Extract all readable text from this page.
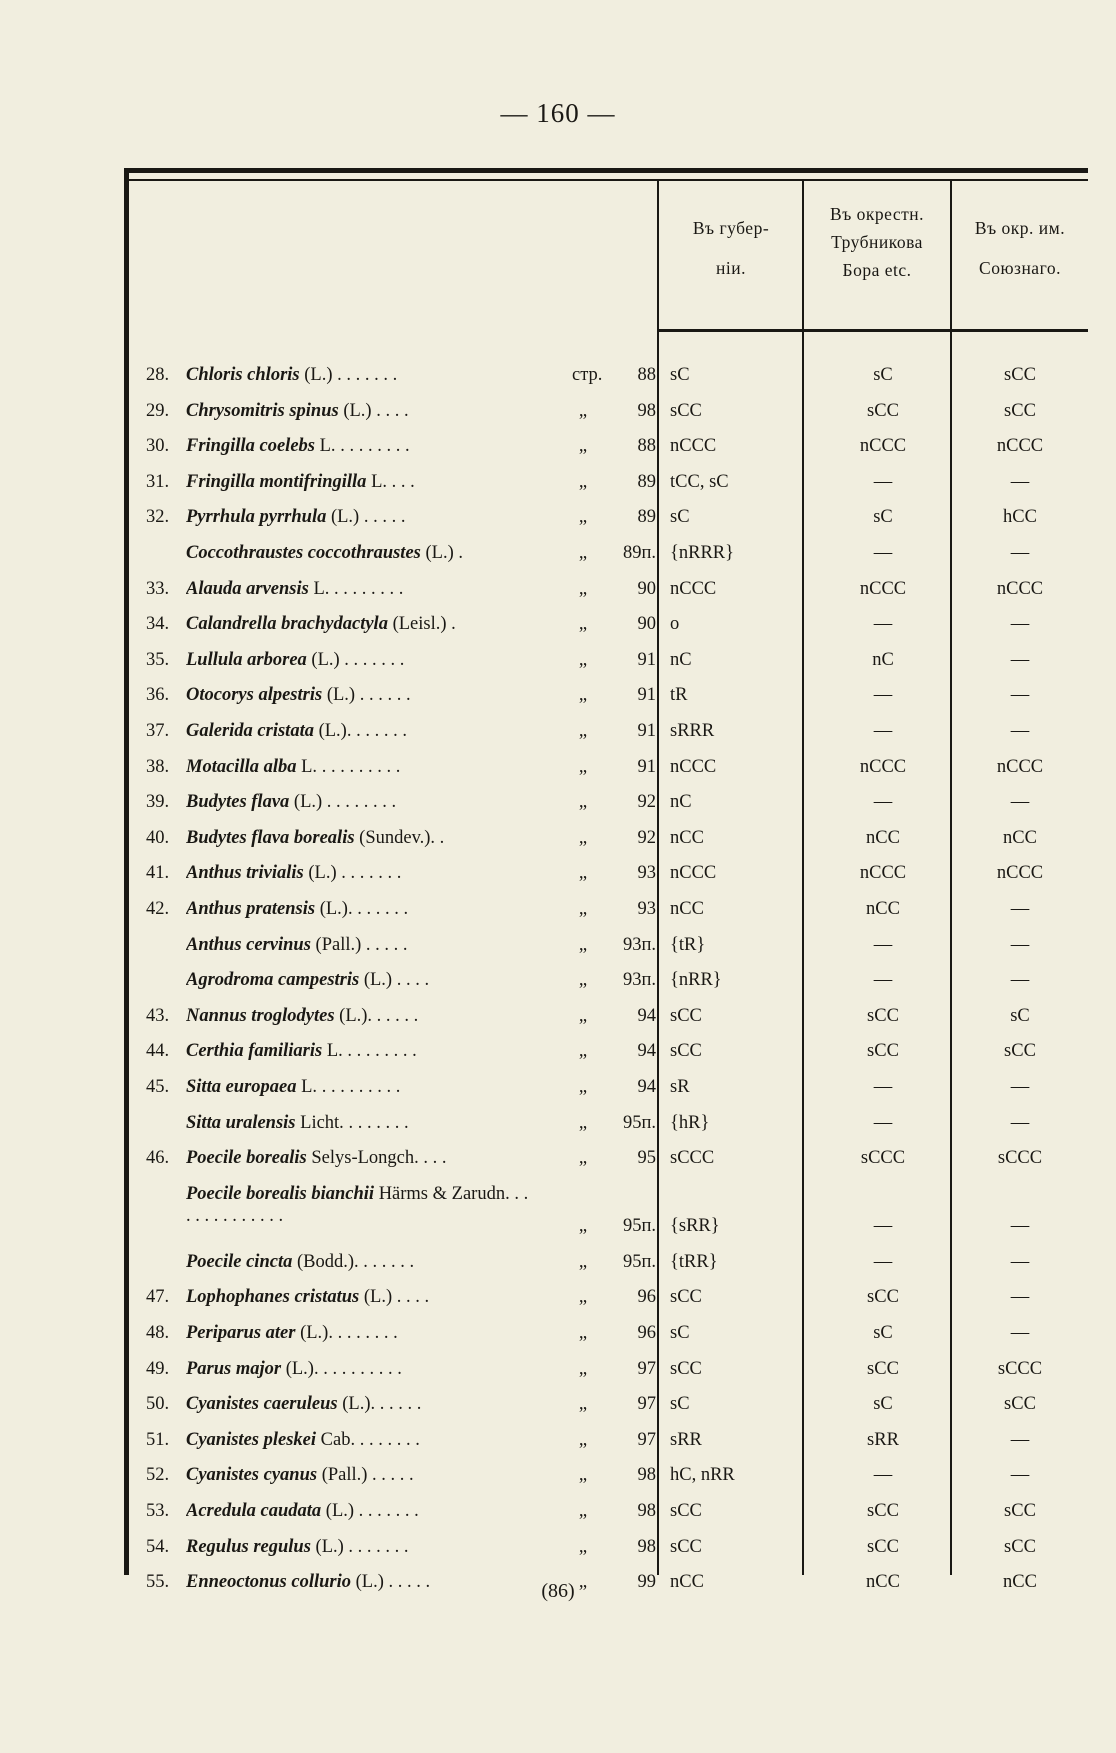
— 160 —
Въ губер-
ніи.
Въ окрестн.
Трубникова
Бора etc.
Въ окр. им.
Союзнаго.
28. Chloris chloris (L.) . . . . . . .	стр.	88 sC	sC	sCC
29. Chrysomitris spinus (L.) . . . .	„	98 sCC	sCC	sCC
30. Fringilla coelebs L. . . . . . . . .	„	88 nCCC	nCCC	nCCC
31. Fringilla montifringilla L. . . .	„	89 tCC, sC	—	—
32. Pyrrhula pyrrhula (L.) . . . . .	„	89 sC	sC	hCC
Coccothraustes coccothraustes (L.) .	„	89п. {nRRR}	—	—
33. Alauda arvensis L. . . . . . . . .	„	90 nCCC	nCCC	nCCC
34. Calandrella brachydactyla (Leisl.) .	„	90 o	—	—
35. Lullula arborea (L.) . . . . . . .	„	91 nC	nC	—
36. Otocorys alpestris (L.) . . . . . .	„	91 tR	—	—
37. Galerida cristata (L.). . . . . . .	„	91 sRRR	—	—
38. Motacilla alba L. . . . . . . . . .	„	91 nCCC	nCCC	nCCC
39. Budytes flava (L.) . . . . . . . .	„	92 nC	—	—
40. Budytes flava borealis (Sundev.). .	„	92 nCC	nCC	nCC
41. Anthus trivialis (L.) . . . . . . .	„	93 nCCC	nCCC	nCCC
42. Anthus pratensis (L.). . . . . . .	„	93 nCC	nCC	—
Anthus cervinus (Pall.) . . . . .	„	93п. {tR}	—	—
Agrodroma campestris (L.) . . . .	„	93п. {nRR}	—	—
43. Nannus troglodytes (L.). . . . . .	„	94 sCC	sCC	sC
44. Certhia familiaris L. . . . . . . . .	„	94 sCC	sCC	sCC
45. Sitta europaea L. . . . . . . . . .	„	94 sR	—	—
Sitta uralensis Licht. . . . . . . .	„	95п. {hR}	—	—
46. Poecile borealis Selys-Longch. . . .	„	95 sCCC	sCCC	sCCC
Poecile borealis bianchii Härms & Zarudn. . . . . . . . . . . . . .	„	95п. {sRR}	—	—
Poecile cincta (Bodd.). . . . . . .	„	95п. {tRR}	—	—
47. Lophophanes cristatus (L.) . . . .	„	96 sCC	sCC	—
48. Periparus ater (L.). . . . . . . .	„	96 sC	sC	—
49. Parus major (L.). . . . . . . . . .	„	97 sCC	sCC	sCCC
50. Cyanistes caeruleus (L.). . . . . .	„	97 sC	sC	sCC
51. Cyanistes pleskei Cab. . . . . . . .	„	97 sRR	sRR	—
52. Cyanistes cyanus (Pall.) . . . . .	„	98 hC, nRR	—	—
53. Acredula caudata (L.) . . . . . . .	„	98 sCC	sCC	sCC
54. Regulus regulus (L.) . . . . . . .	„	98 sCC	sCC	sCC
55. Enneoctonus collurio (L.) . . . . .	„	99 nCC	nCC	nCC
(86)
